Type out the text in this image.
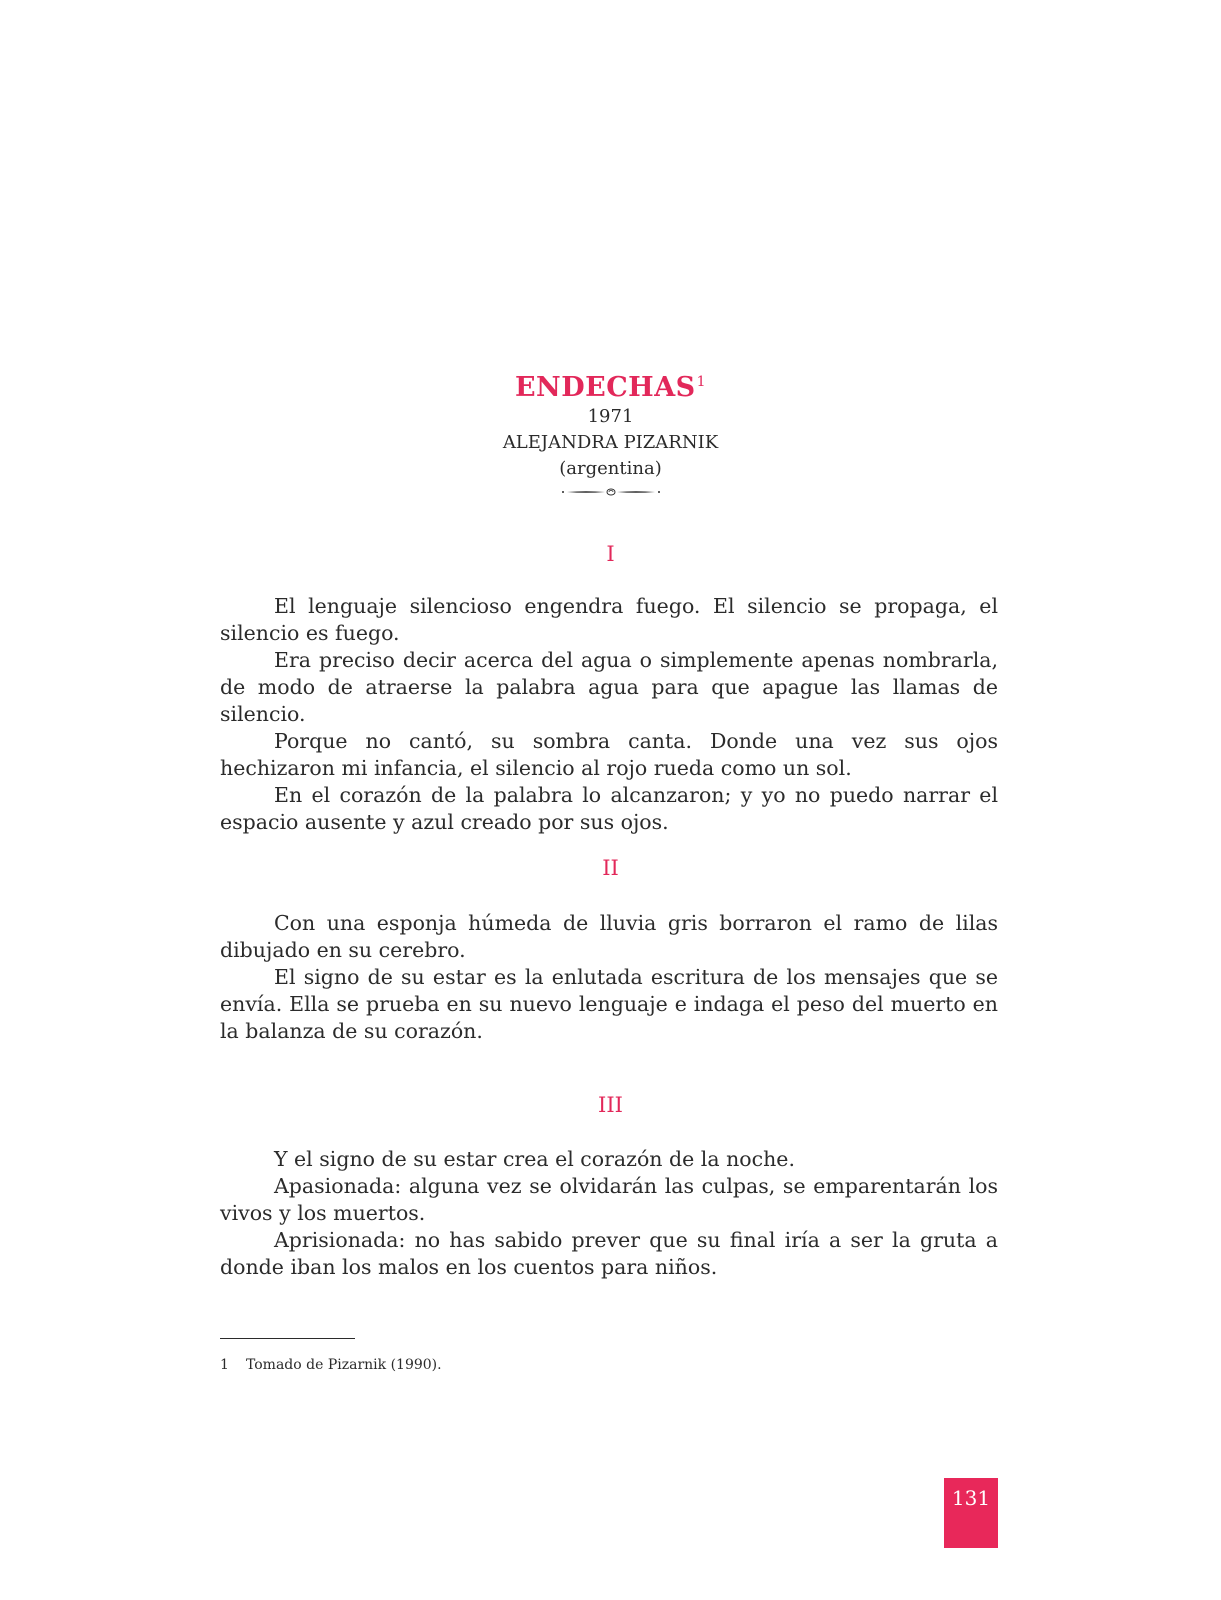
ENDECHAS$^1$
1971
ALEJANDRA PIZARNIK
(argentina)
I

El lenguaje silencioso engendra fuego. El silencio se propaga, el silencio es fuego.

Era preciso decir acerca del agua o simplemente apenas nombrarla, de modo de atraerse la palabra agua para que apague las llamas de silencio.

Porque no cantó, su sombra canta. Donde una vez sus ojos hechizaron mi infancia, el silencio al rojo rueda como un sol.

En el corazón de la palabra lo alcanzaron; y yo no puedo narrar el espacio ausente y azul creado por sus ojos.

II

Con una esponja húmeda de lluvia gris borraron el ramo de lilas dibujado en su cerebro.

El signo de su estar es la enlutada escritura de los mensajes que se envía. Ella se prueba en su nuevo lenguaje e indaga el peso del muerto en la balanza de su corazón.

III

Y el signo de su estar crea el corazón de la noche.

Apasionada: alguna vez se olvidarán las culpas, se emparentarán los vivos y los muertos.

Aprisionada: no has sabido prever que su final iría a ser la gruta a donde iban los malos en los cuentos para niños.

1 Tomado de Pizarnik (1990).
131
